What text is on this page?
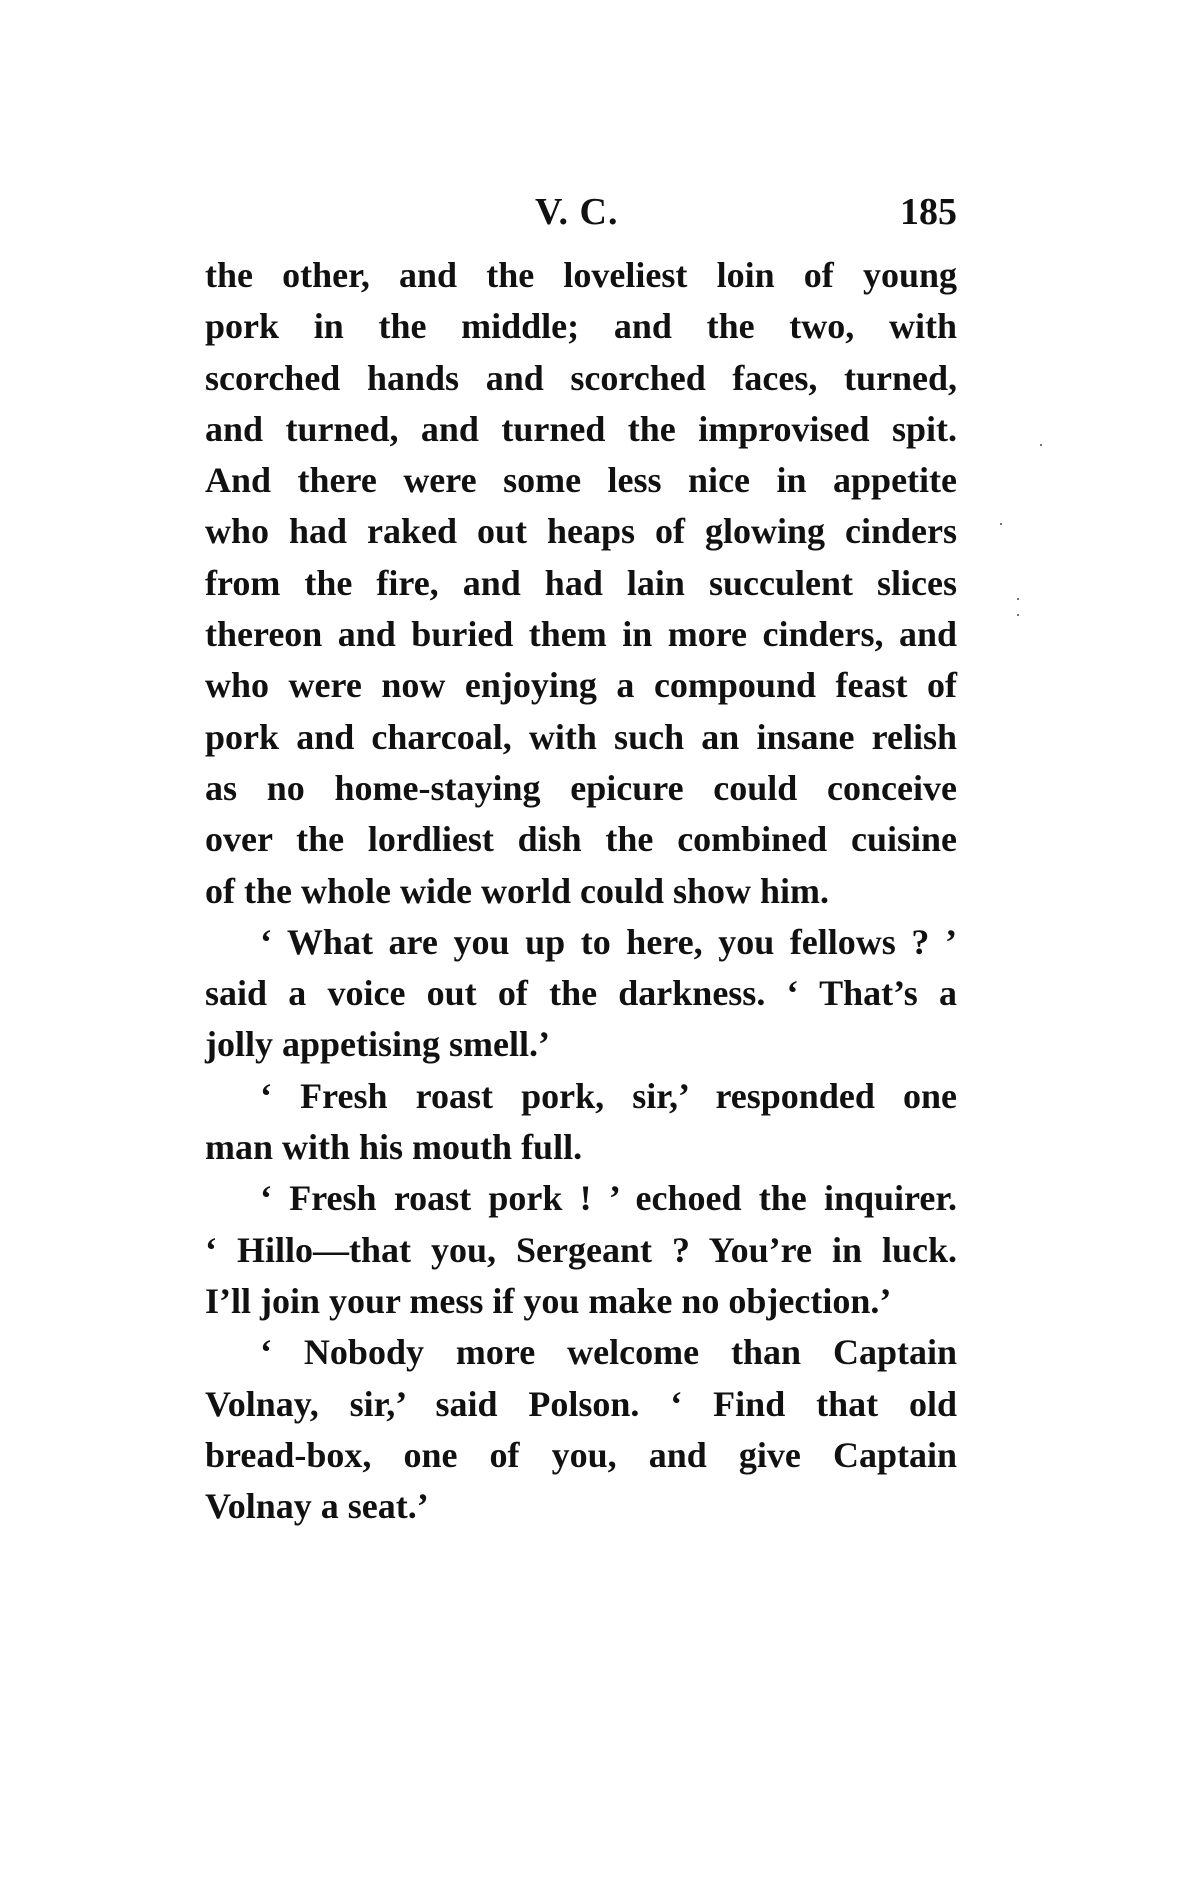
V. C.	185
the other, and the loveliest loin of young
pork in the middle; and the two, with
scorched hands and scorched faces, turned,
and turned, and turned the improvised spit.
And there were some less nice in appetite
who had raked out heaps of glowing cinders
from the fire, and had lain succulent slices
thereon and buried them in more cinders, and
who were now enjoying a compound feast of
pork and charcoal, with such an insane relish
as no home-staying epicure could conceive
over the lordliest dish the combined cuisine
of the whole wide world could show him.
‘ What are you up to here, you fellows ? ’
said a voice out of the darkness. ‘ That’s a
jolly appetising smell.’
‘ Fresh roast pork, sir,’ responded one
man with his mouth full.
‘ Fresh roast pork ! ’ echoed the inquirer.
‘ Hillo—that you, Sergeant ? You’re in luck.
I’ll join your mess if you make no objection.’
‘ Nobody more welcome than Captain
Volnay, sir,’ said Polson. ‘ Find that old
bread-box, one of you, and give Captain
Volnay a seat.’
